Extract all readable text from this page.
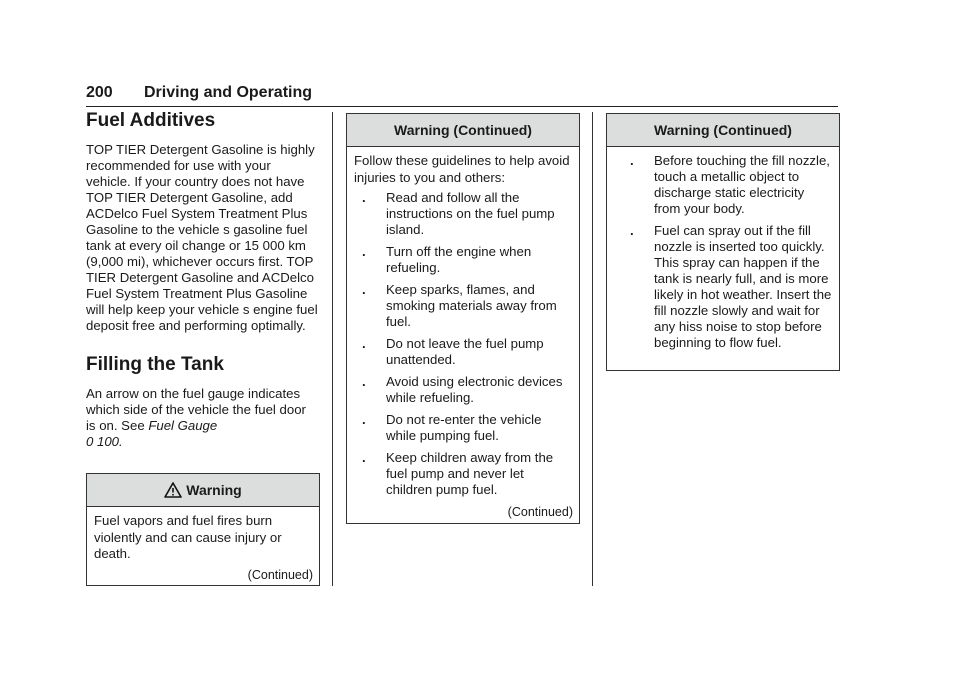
200 Driving and Operating
Fuel Additives

TOP TIER Detergent Gasoline is highly recommended for use with your vehicle. If your country does not have TOP TIER Detergent Gasoline, add ACDelco Fuel System Treatment Plus Gasoline to the vehicle s gasoline fuel tank at every oil change or 15 000 km (9,000 mi), whichever occurs first. TOP TIER Detergent Gasoline and ACDelco Fuel System Treatment Plus Gasoline will help keep your vehicle s engine fuel deposit free and performing optimally.

Filling the Tank

An arrow on the fuel gauge indicates which side of the vehicle the fuel door is on. See Fuel Gauge
0 100.

Warning
Fuel vapors and fuel fires burn violently and can cause injury or death.
(Continued)
Warning (Continued)
Follow these guidelines to help avoid injuries to you and others:
. Read and follow all the instructions on the fuel pump island.
. Turn off the engine when refueling.
. Keep sparks, flames, and smoking materials away from fuel.
. Do not leave the fuel pump unattended.
. Avoid using electronic devices while refueling.
. Do not re-enter the vehicle while pumping fuel.
. Keep children away from the fuel pump and never let children pump fuel.
(Continued)
Warning (Continued)
. Before touching the fill nozzle, touch a metallic object to discharge static electricity from your body.
. Fuel can spray out if the fill nozzle is inserted too quickly. This spray can happen if the tank is nearly full, and is more likely in hot weather. Insert the fill nozzle slowly and wait for any hiss noise to stop before beginning to flow fuel.
